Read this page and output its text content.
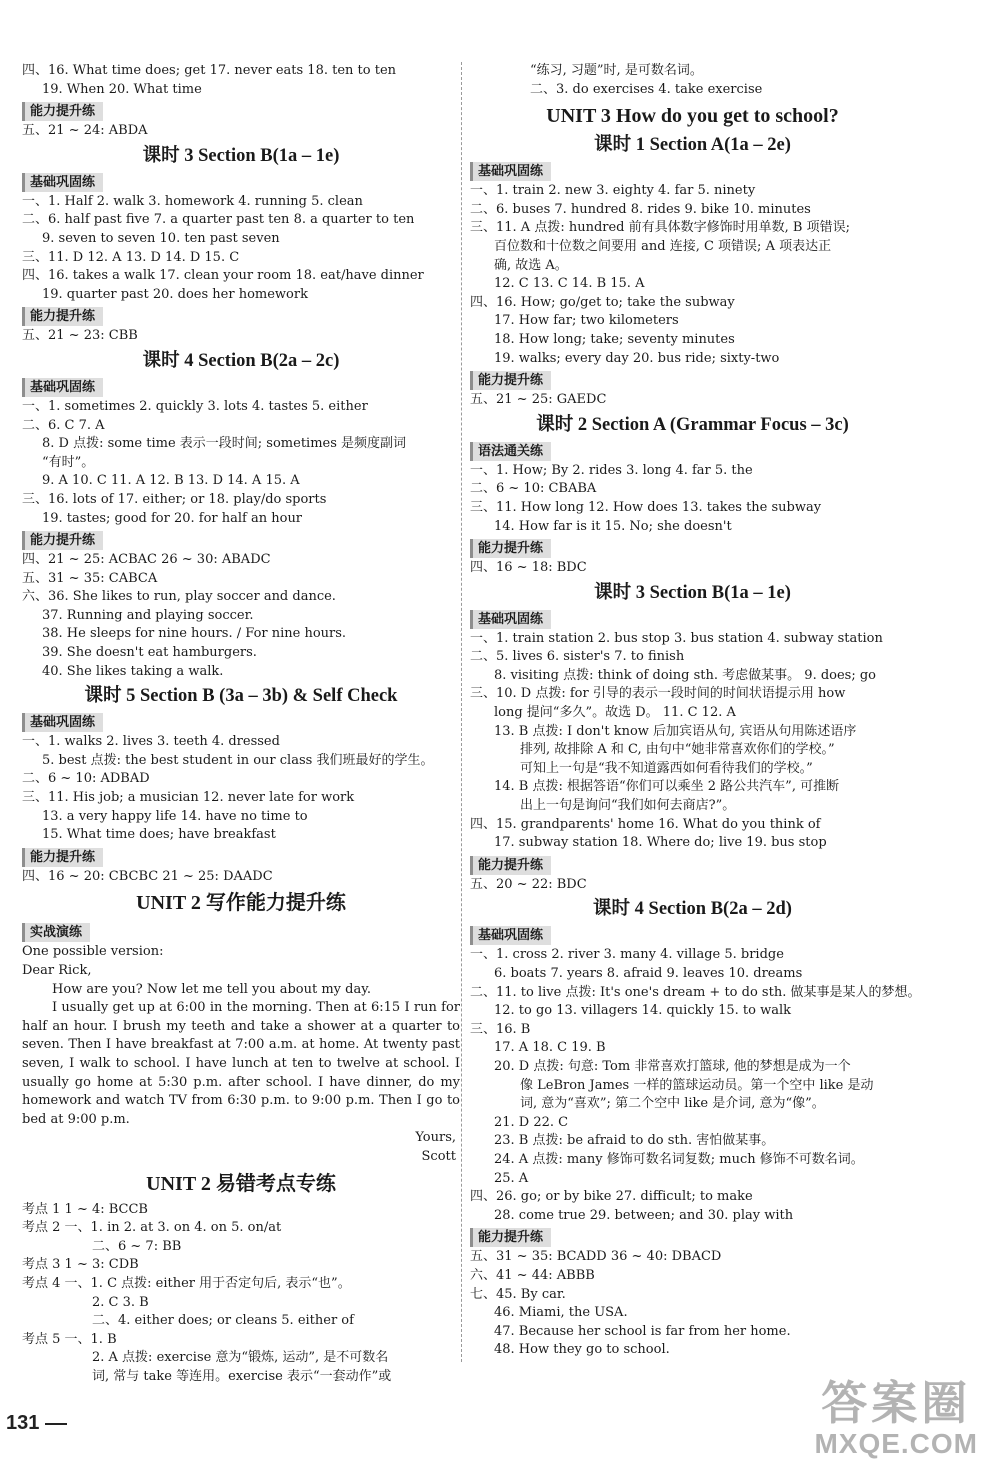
四、16. What time does; get 17. never eats 18. ten to ten
19. When 20. What time
能力提升练
五、21 ~ 24: ABDA
课时 3 Section B(1a – 1e)
基础巩固练
一、1. Half 2. walk 3. homework 4. running 5. clean
二、6. half past five 7. a quarter past ten 8. a quarter to ten
9. seven to seven 10. ten past seven
三、11. D 12. A 13. D 14. D 15. C
四、16. takes a walk 17. clean your room 18. eat/have dinner
19. quarter past 20. does her homework
能力提升练
五、21 ~ 23: CBB
课时 4 Section B(2a – 2c)
基础巩固练
一、1. sometimes 2. quickly 3. lots 4. tastes 5. either
二、6. C 7. A
8. D 点拨: some time 表示一段时间; sometimes 是频度副词
“有时”。
9. A 10. C 11. A 12. B 13. D 14. A 15. A
三、16. lots of 17. either; or 18. play/do sports
19. tastes; good for 20. for half an hour
能力提升练
四、21 ~ 25: ACBAC 26 ~ 30: ABADC
五、31 ~ 35: CABCA
六、36. She likes to run, play soccer and dance.
37. Running and playing soccer.
38. He sleeps for nine hours. / For nine hours.
39. She doesn't eat hamburgers.
40. She likes taking a walk.
课时 5 Section B (3a – 3b) & Self Check
基础巩固练
一、1. walks 2. lives 3. teeth 4. dressed
5. best 点拨: the best student in our class 我们班最好的学生。
二、6 ~ 10: ADBAD
三、11. His job; a musician 12. never late for work
13. a very happy life 14. have no time to
15. What time does; have breakfast
能力提升练
四、16 ~ 20: CBCBC 21 ~ 25: DAADC
UNIT 2 写作能力提升练
实战演练
One possible version:
Dear Rick,
How are you? Now let me tell you about my day.
I usually get up at 6:00 in the morning. Then at 6:15 I run for half an hour. I brush my teeth and take a shower at a quarter to seven. Then I have breakfast at 7:00 a.m. at home. At twenty past seven, I walk to school. I have lunch at ten to twelve at school. I usually go home at 5:30 p.m. after school. I have dinner, do my homework and watch TV from 6:30 p.m. to 9:00 p.m. Then I go to bed at 9:00 p.m.
Yours,
Scott
UNIT 2 易错考点专练
考点 1 1 ~ 4: BCCB
考点 2 一、1. in 2. at 3. on 4. on 5. on/at
二、6 ~ 7: BB
考点 3 1 ~ 3: CDB
考点 4 一、1. C 点拨: either 用于否定句后, 表示“也”。
2. C 3. B
二、4. either does; or cleans 5. either of
考点 5 一、1. B
2. A 点拨: exercise 意为“锻炼, 运动”, 是不可数名
词, 常与 take 等连用。exercise 表示“一套动作”或
“练习, 习题”时, 是可数名词。
二、3. do exercises 4. take exercise
UNIT 3 How do you get to school?
课时 1 Section A(1a – 2e)
基础巩固练
一、1. train 2. new 3. eighty 4. far 5. ninety
二、6. buses 7. hundred 8. rides 9. bike 10. minutes
三、11. A 点拨: hundred 前有具体数字修饰时用单数, B 项错误;
百位数和十位数之间要用 and 连接, C 项错误; A 项表达正
确, 故选 A。
12. C 13. C 14. B 15. A
四、16. How; go/get to; take the subway
17. How far; two kilometers
18. How long; take; seventy minutes
19. walks; every day 20. bus ride; sixty-two
能力提升练
五、21 ~ 25: GAEDC
课时 2 Section A (Grammar Focus – 3c)
语法通关练
一、1. How; By 2. rides 3. long 4. far 5. the
二、6 ~ 10: CBABA
三、11. How long 12. How does 13. takes the subway
14. How far is it 15. No; she doesn't
能力提升练
四、16 ~ 18: BDC
课时 3 Section B(1a – 1e)
基础巩固练
一、1. train station 2. bus stop 3. bus station 4. subway station
二、5. lives 6. sister's 7. to finish
8. visiting 点拨: think of doing sth. 考虑做某事。 9. does; go
三、10. D 点拨: for 引导的表示一段时间的时间状语提示用 how
long 提问“多久”。故选 D。 11. C 12. A
13. B 点拨: I don't know 后加宾语从句, 宾语从句用陈述语序
排列, 故排除 A 和 C, 由句中“她非常喜欢你们的学校。”
可知上一句是“我不知道露西如何看待我们的学校。”
14. B 点拨: 根据答语“你们可以乘坐 2 路公共汽车”, 可推断
出上一句是询问“我们如何去商店?”。
四、15. grandparents' home 16. What do you think of
17. subway station 18. Where do; live 19. bus stop
能力提升练
五、20 ~ 22: BDC
课时 4 Section B(2a – 2d)
基础巩固练
一、1. cross 2. river 3. many 4. village 5. bridge
6. boats 7. years 8. afraid 9. leaves 10. dreams
二、11. to live 点拨: It's one's dream + to do sth. 做某事是某人的梦想。
12. to go 13. villagers 14. quickly 15. to walk
三、16. B
17. A 18. C 19. B
20. D 点拨: 句意: Tom 非常喜欢打篮球, 他的梦想是成为一个
像 LeBron James 一样的篮球运动员。第一个空中 like 是动
词, 意为“喜欢”; 第二个空中 like 是介词, 意为“像”。
21. D 22. C
23. B 点拨: be afraid to do sth. 害怕做某事。
24. A 点拨: many 修饰可数名词复数; much 修饰不可数名词。
25. A
四、26. go; or by bike 27. difficult; to make
28. come true 29. between; and 30. play with
能力提升练
五、31 ~ 35: BCADD 36 ~ 40: DBACD
六、41 ~ 44: ABBB
七、45. By car.
46. Miami, the USA.
47. Because her school is far from her home.
48. How they go to school.
131	答案圈
MXQE.COM
